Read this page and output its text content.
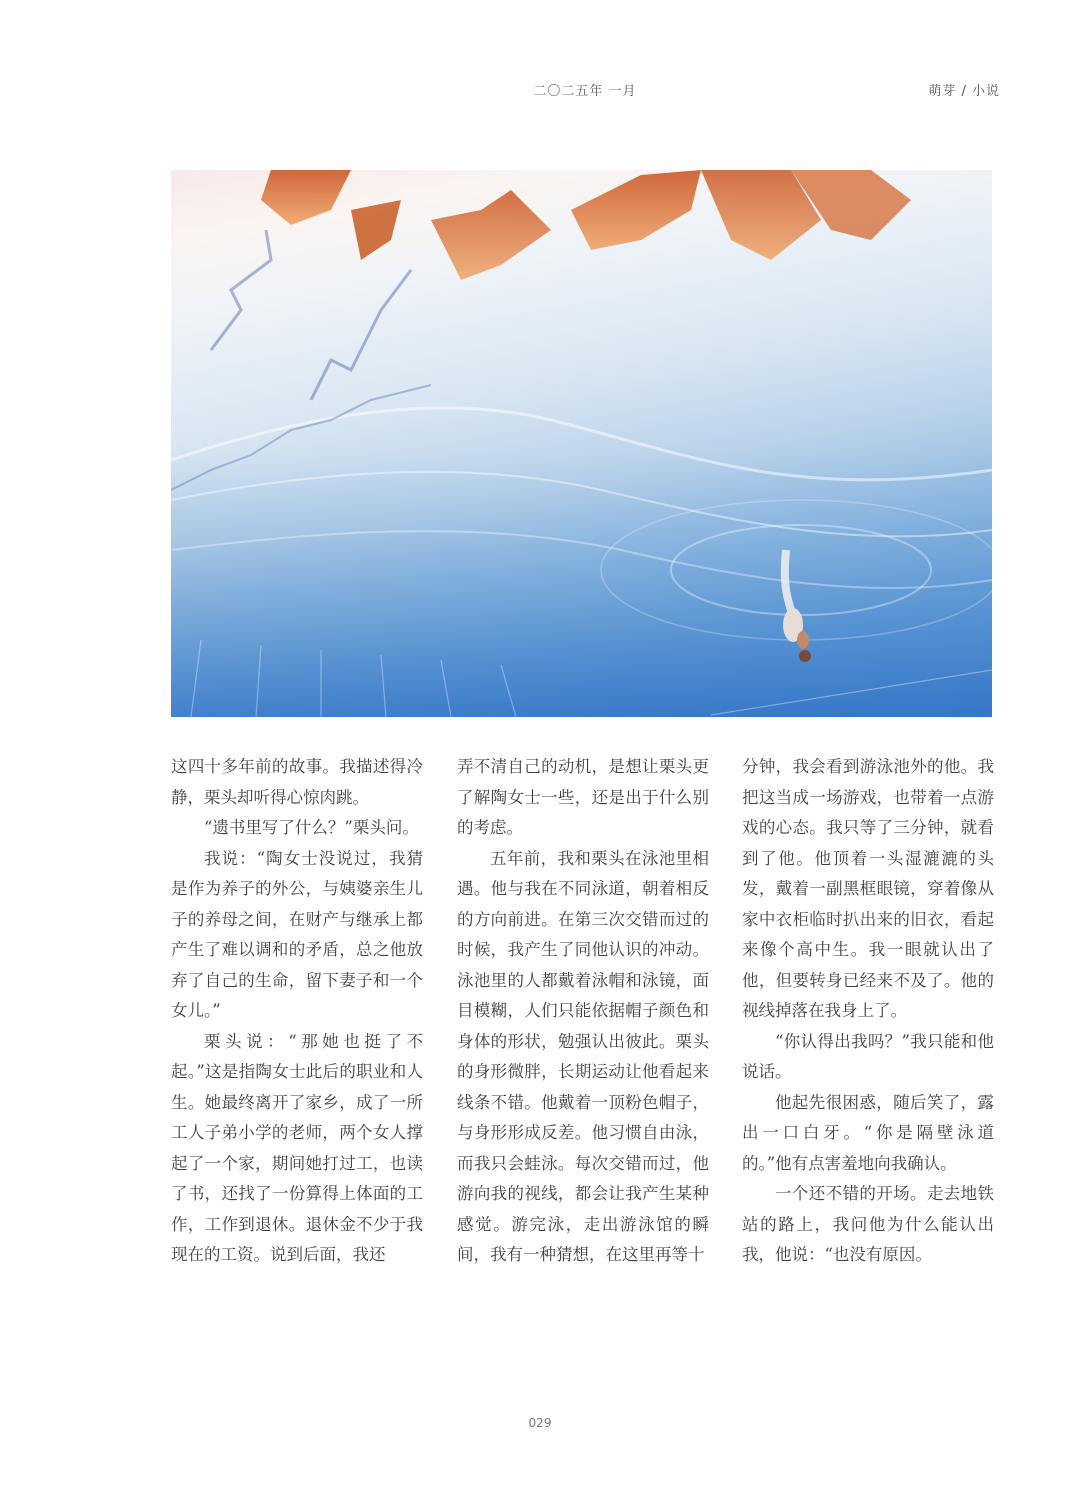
二〇二五年 一月	萌芽 / 小说

这四十多年前的故事。我描述得冷静，栗头却听得心惊肉跳。

“遗书里写了什么？”栗头问。

我说：“陶女士没说过，我猜是作为养子的外公，与姨婆亲生儿子的养母之间，在财产与继承上都产生了难以调和的矛盾，总之他放弃了自己的生命，留下妻子和一个女儿。”

栗头说：“那她也挺了不起。”这是指陶女士此后的职业和人生。她最终离开了家乡，成了一所工人子弟小学的老师，两个女人撑起了一个家，期间她打过工，也读了书，还找了一份算得上体面的工作，工作到退休。退休金不少于我现在的工资。说到后面，我还

弄不清自己的动机，是想让栗头更了解陶女士一些，还是出于什么别的考虑。

五年前，我和栗头在泳池里相遇。他与我在不同泳道，朝着相反的方向前进。在第三次交错而过的时候，我产生了同他认识的冲动。泳池里的人都戴着泳帽和泳镜，面目模糊，人们只能依据帽子颜色和身体的形状，勉强认出彼此。栗头的身形微胖，长期运动让他看起来线条不错。他戴着一顶粉色帽子，与身形形成反差。他习惯自由泳，而我只会蛙泳。每次交错而过，他游向我的视线，都会让我产生某种感觉。游完泳，走出游泳馆的瞬间，我有一种猜想，在这里再等十

分钟，我会看到游泳池外的他。我把这当成一场游戏，也带着一点游戏的心态。我只等了三分钟，就看到了他。他顶着一头湿漉漉的头发，戴着一副黑框眼镜，穿着像从家中衣柜临时扒出来的旧衣，看起来像个高中生。我一眼就认出了他，但要转身已经来不及了。他的视线掉落在我身上了。

“你认得出我吗？”我只能和他说话。

他起先很困惑，随后笑了，露出一口白牙。“你是隔壁泳道的。”他有点害羞地向我确认。

一个还不错的开场。走去地铁站的路上，我问他为什么能认出我，他说：“也没有原因。

029
